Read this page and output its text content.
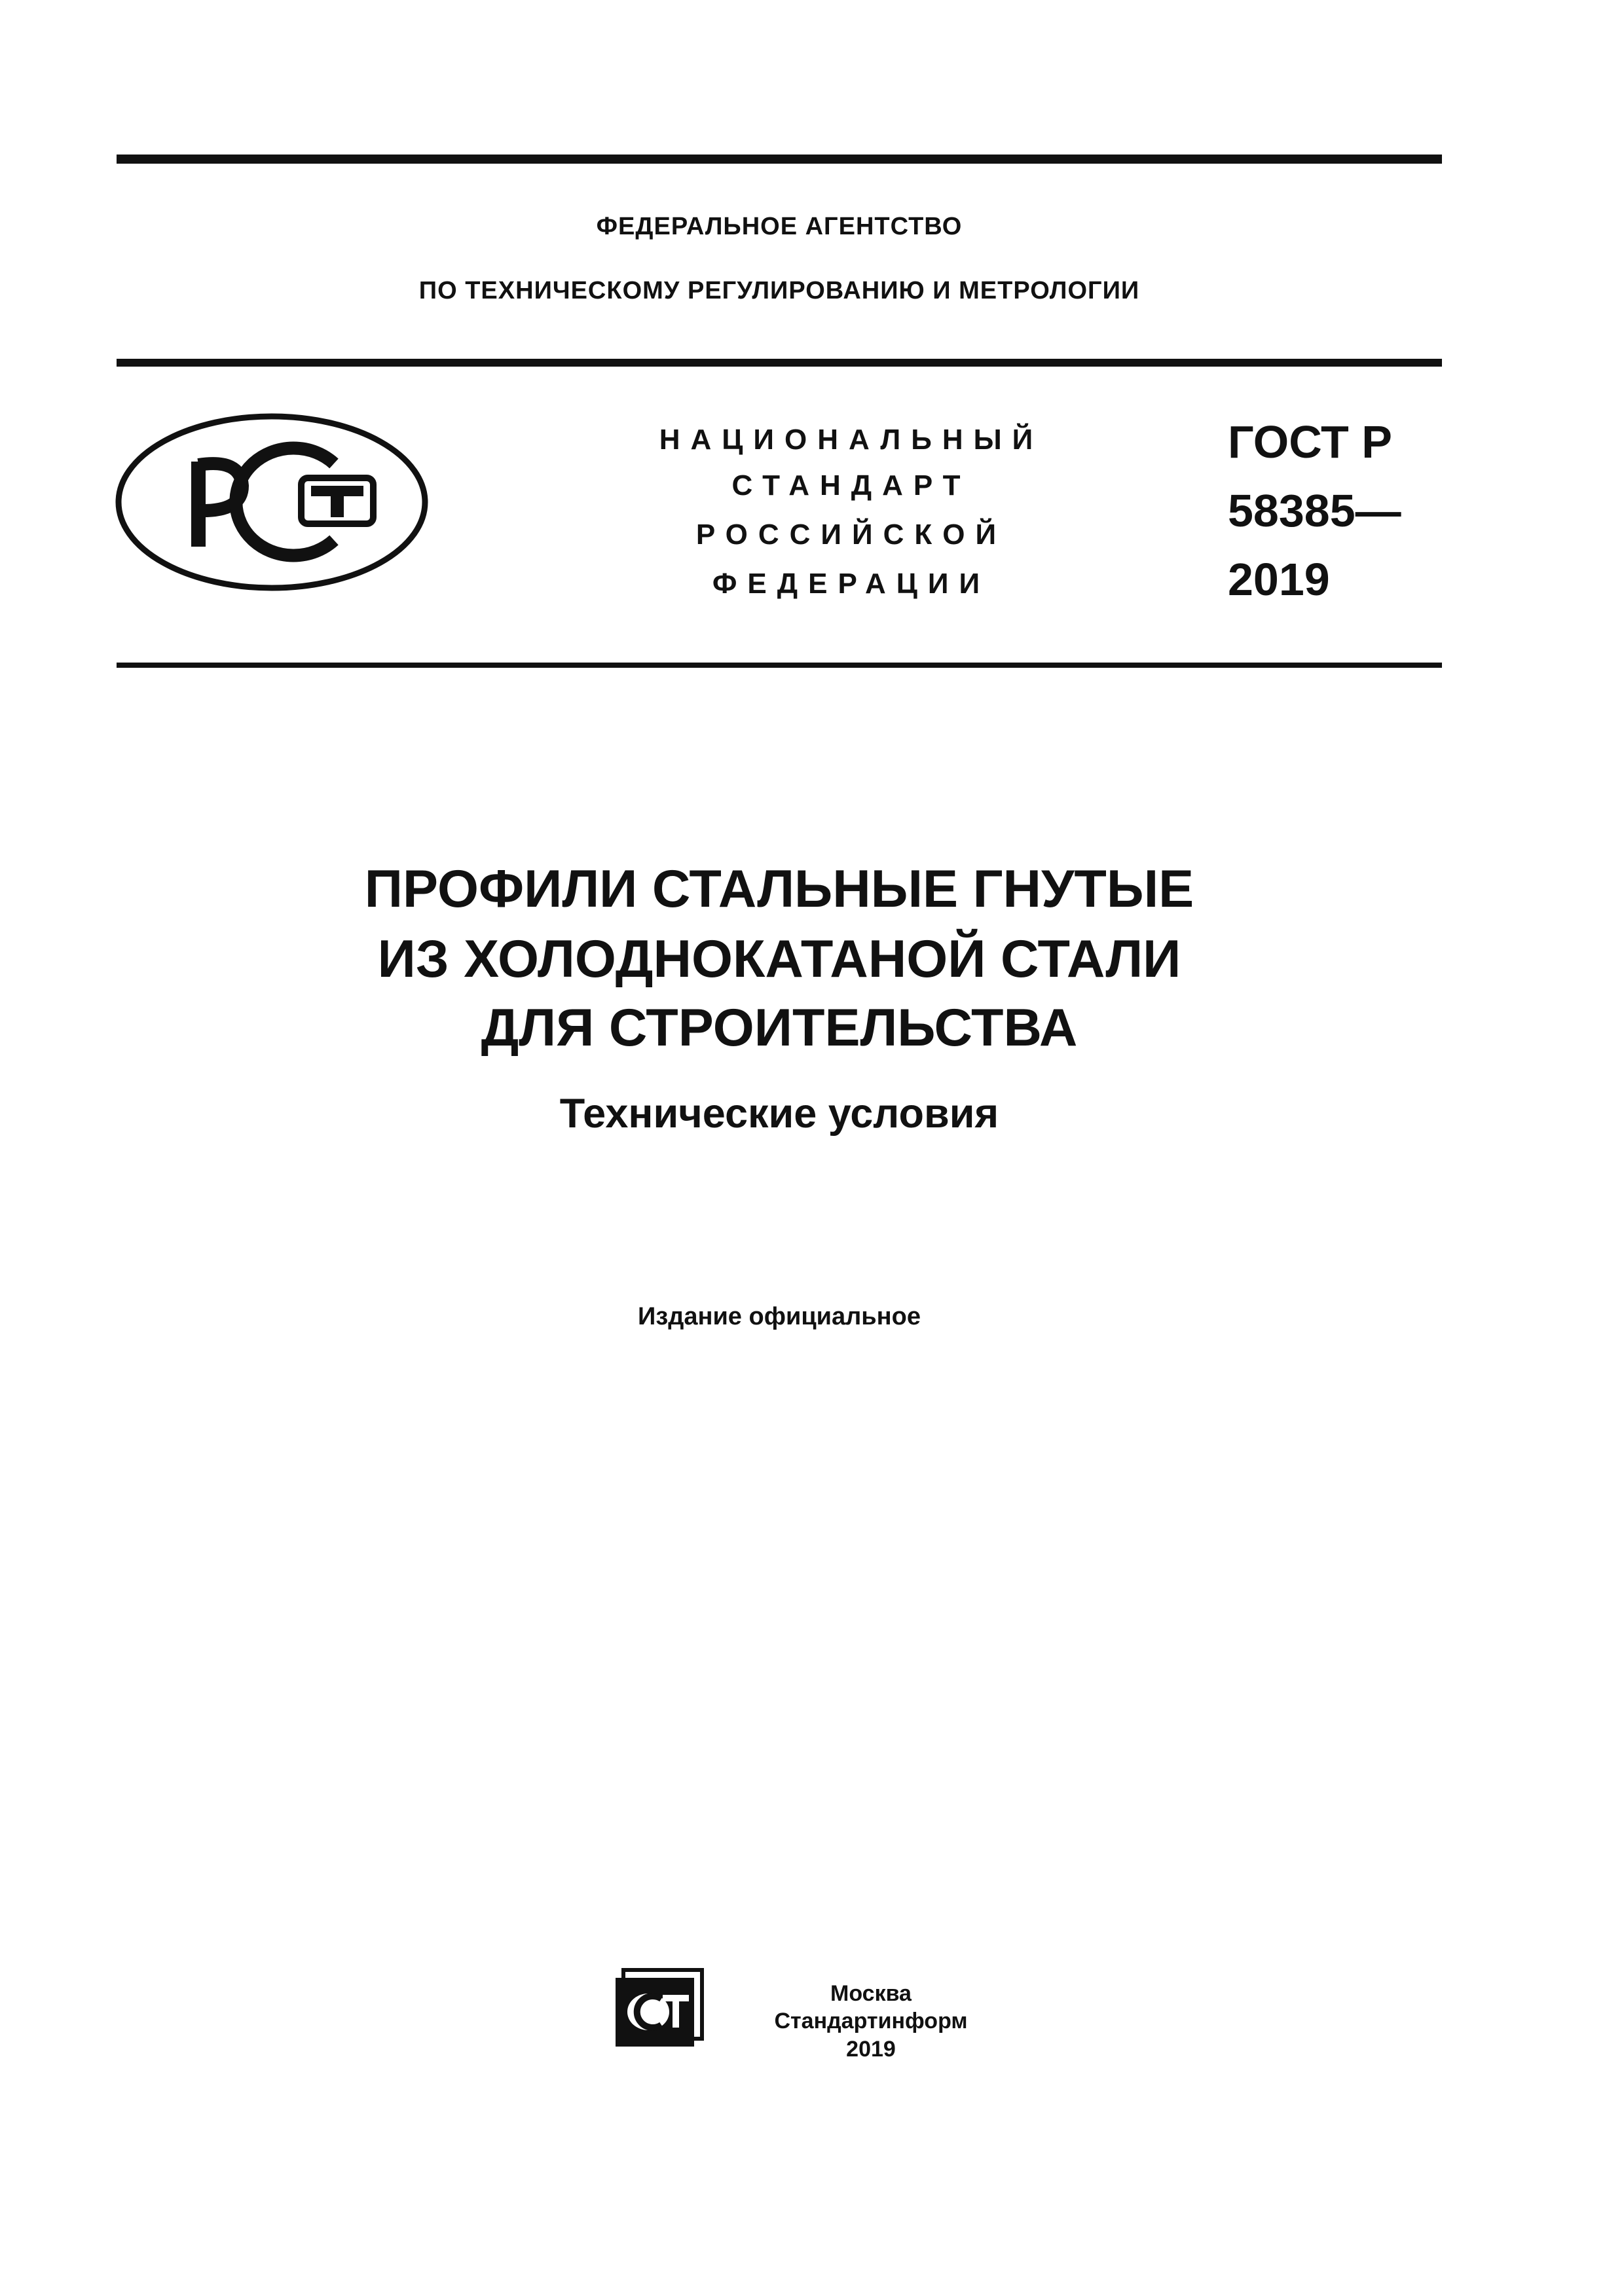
ФЕДЕРАЛЬНОЕ АГЕНТСТВО
ПО ТЕХНИЧЕСКОМУ РЕГУЛИРОВАНИЮ И МЕТРОЛОГИИ
НАЦИОНАЛЬНЫЙ
СТАНДАРТ
РОССИЙСКОЙ
ФЕДЕРАЦИИ
ГОСТ Р
58385—
2019
ПРОФИЛИ СТАЛЬНЫЕ ГНУТЫЕ
ИЗ ХОЛОДНОКАТАНОЙ СТАЛИ
ДЛЯ СТРОИТЕЛЬСТВА
Технические условия
Издание официальное
Москва
Стандартинформ
2019
